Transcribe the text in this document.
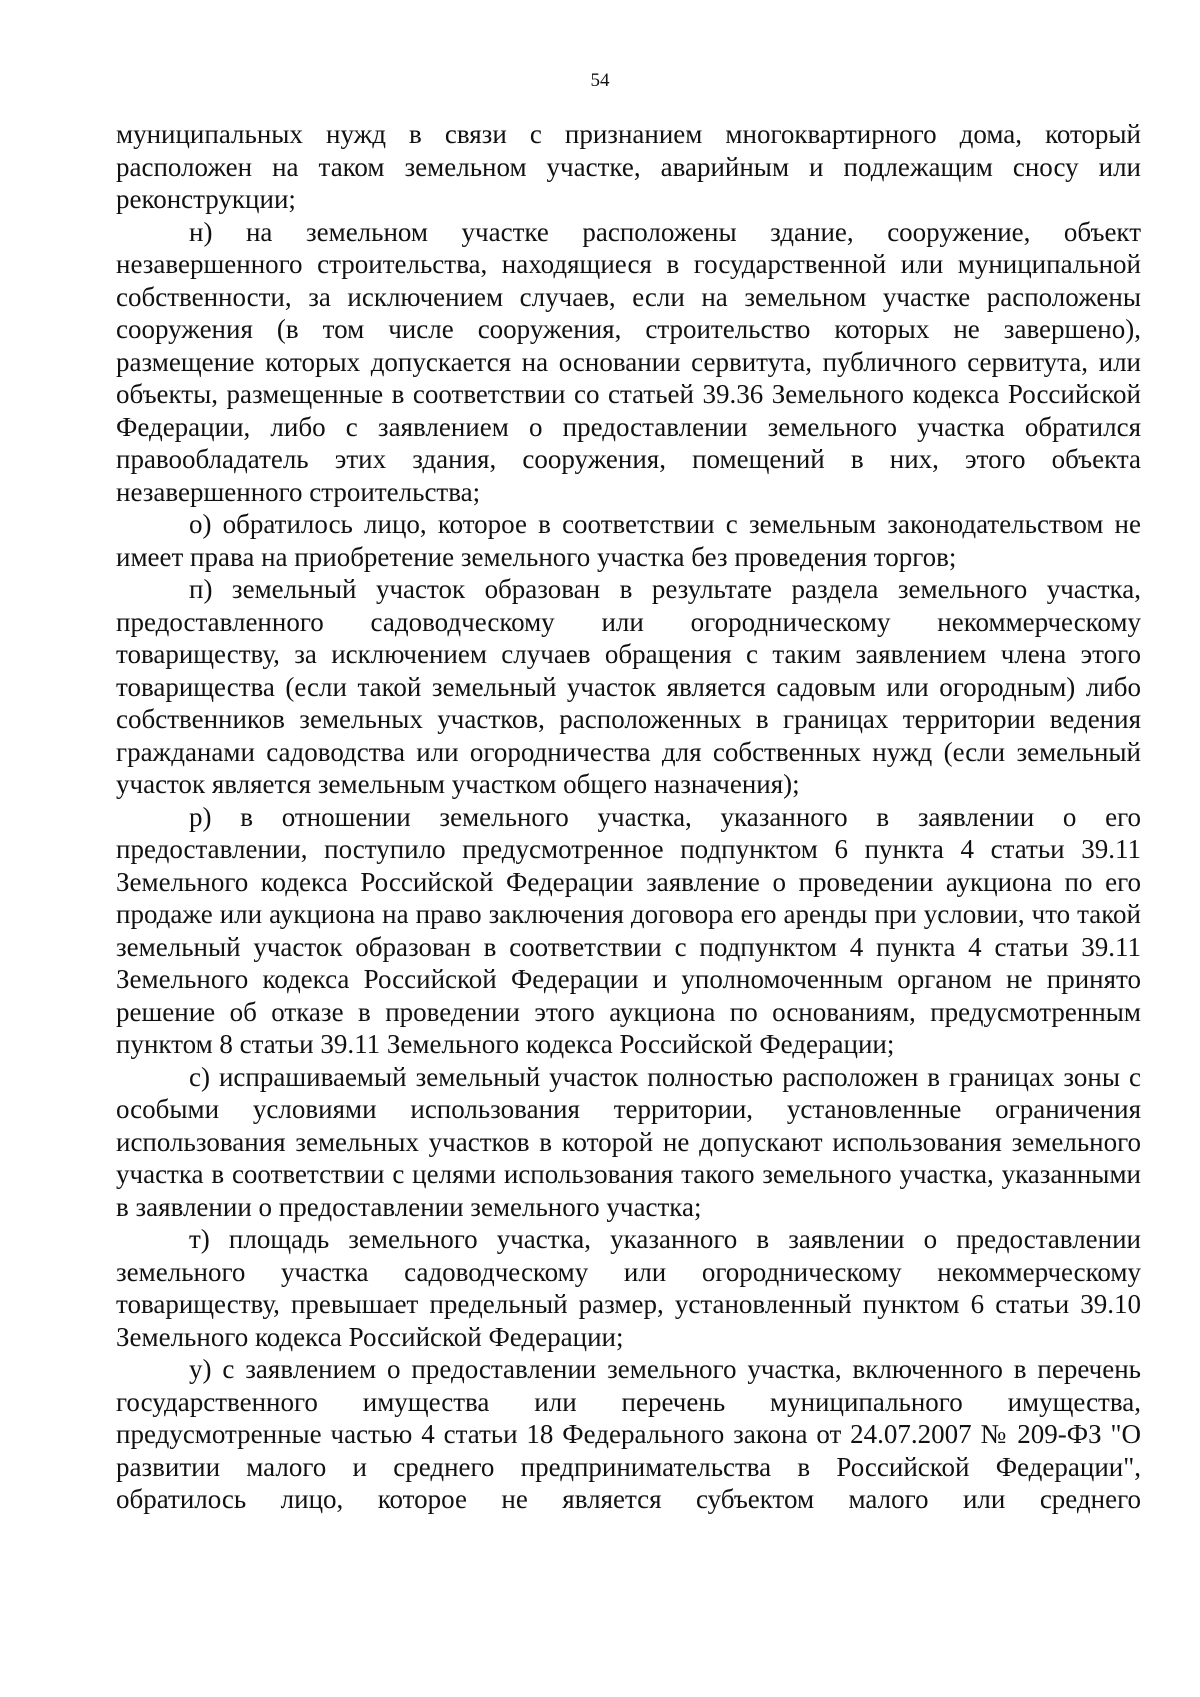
54

муниципальных нужд в связи с признанием многоквартирного дома, который расположен на таком земельном участке, аварийным и подлежащим сносу или реконструкции;

н) на земельном участке расположены здание, сооружение, объект незавершенного строительства, находящиеся в государственной или муниципальной собственности, за исключением случаев, если на земельном участке расположены сооружения (в том числе сооружения, строительство которых не завершено), размещение которых допускается на основании сервитута, публичного сервитута, или объекты, размещенные в соответствии со статьей 39.36 Земельного кодекса Российской Федерации, либо с заявлением о предоставлении земельного участка обратился правообладатель этих здания, сооружения, помещений в них, этого объекта незавершенного строительства;

о) обратилось лицо, которое в соответствии с земельным законодательством не имеет права на приобретение земельного участка без проведения торгов;

п) земельный участок образован в результате раздела земельного участка, предоставленного садоводческому или огородническому некоммерческому товариществу, за исключением случаев обращения с таким заявлением члена этого товарищества (если такой земельный участок является садовым или огородным) либо собственников земельных участков, расположенных в границах территории ведения гражданами садоводства или огородничества для собственных нужд (если земельный участок является земельным участком общего назначения);

р) в отношении земельного участка, указанного в заявлении о его предоставлении, поступило предусмотренное подпунктом 6 пункта 4 статьи 39.11 Земельного кодекса Российской Федерации заявление о проведении аукциона по его продаже или аукциона на право заключения договора его аренды при условии, что такой земельный участок образован в соответствии с подпунктом 4 пункта 4 статьи 39.11 Земельного кодекса Российской Федерации и уполномоченным органом не принято решение об отказе в проведении этого аукциона по основаниям, предусмотренным пунктом 8 статьи 39.11 Земельного кодекса Российской Федерации;

с) испрашиваемый земельный участок полностью расположен в границах зоны с особыми условиями использования территории, установленные ограничения использования земельных участков в которой не допускают использования земельного участка в соответствии с целями использования такого земельного участка, указанными в заявлении о предоставлении земельного участка;

т) площадь земельного участка, указанного в заявлении о предоставлении земельного участка садоводческому или огородническому некоммерческому товариществу, превышает предельный размер, установленный пунктом 6 статьи 39.10 Земельного кодекса Российской Федерации;

у) с заявлением о предоставлении земельного участка, включенного в перечень государственного имущества или перечень муниципального имущества, предусмотренные частью 4 статьи 18 Федерального закона от 24.07.2007 № 209-ФЗ "О развитии малого и среднего предпринимательства в Российской Федерации", обратилось лицо, которое не является субъектом малого или среднего
